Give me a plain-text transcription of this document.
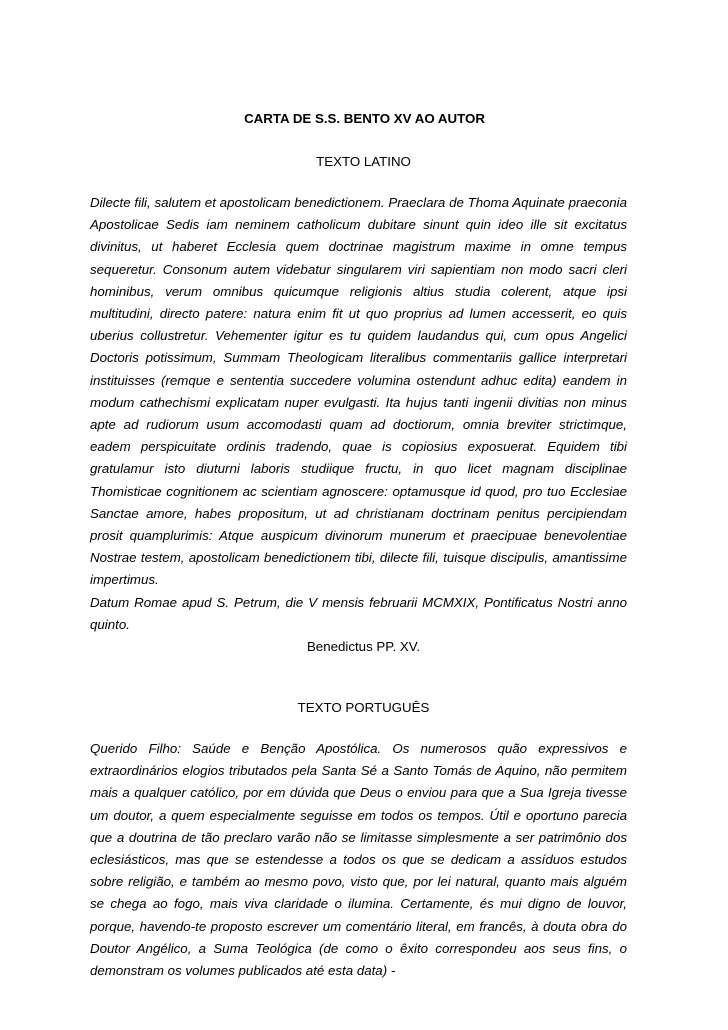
CARTA DE S.S. BENTO XV AO AUTOR
TEXTO LATINO

Dilecte fili, salutem et apostolicam benedictionem. Praeclara de Thoma Aquinate praeconia Apostolicae Sedis iam neminem catholicum dubitare sinunt quin ideo ille sit excitatus divinitus, ut haberet Ecclesia quem doctrinae magistrum maxime in omne tempus sequeretur. Consonum autem videbatur singularem viri sapientiam non modo sacri cleri hominibus, verum omnibus quicumque religionis altius studia colerent, atque ipsi multitudini, directo patere: natura enim fit ut quo proprius ad lumen accesserit, eo quis uberius collustretur. Vehementer igitur es tu quidem laudandus qui, cum opus Angelici Doctoris potissimum, Summam Theologicam literalibus commentariis gallice interpretari instituisses (remque e sententia succedere volumina ostendunt adhuc edita) eandem in modum cathechismi explicatam nuper evulgasti. Ita hujus tanti ingenii divitias non minus apte ad rudiorum usum accomodasti quam ad doctiorum, omnia breviter strictimque, eadem perspicuitate ordinis tradendo, quae is copiosius exposuerat. Equidem tibi gratulamur isto diuturni laboris studiique fructu, in quo licet magnam disciplinae Thomisticae cognitionem ac scientiam agnoscere: optamusque id quod, pro tuo Ecclesiae Sanctae amore, habes propositum, ut ad christianam doctrinam penitus percipiendam prosit quamplurimis: Atque auspicum divinorum munerum et praecipuae benevolentiae Nostrae testem, apostolicam benedictionem tibi, dilecte fili, tuisque discipulis, amantissime impertimus.

Datum Romae apud S. Petrum, die V mensis februarii MCMXIX, Pontificatus Nostri anno quinto.

Benedictus PP. XV.

TEXTO PORTUGUÊS

Querido Filho: Saúde e Benção Apostólica. Os numerosos quão expressivos e extraordinários elogios tributados pela Santa Sé a Santo Tomás de Aquino, não permitem mais a qualquer católico, por em dúvida que Deus o enviou para que a Sua Igreja tivesse um doutor, a quem especialmente seguisse em todos os tempos. Útil e oportuno parecia que a doutrina de tão preclaro varão não se limitasse simplesmente a ser patrimônio dos eclesiásticos, mas que se estendesse a todos os que se dedicam a assíduos estudos sobre religião, e também ao mesmo povo, visto que, por lei natural, quanto mais alguém se chega ao fogo, mais viva claridade o ilumina. Certamente, és mui digno de louvor, porque, havendo-te proposto escrever um comentário literal, em francês, à douta obra do Doutor Angélico, a Suma Teológica (de como o êxito correspondeu aos seus fins, o demonstram os volumes publicados até esta data) -
